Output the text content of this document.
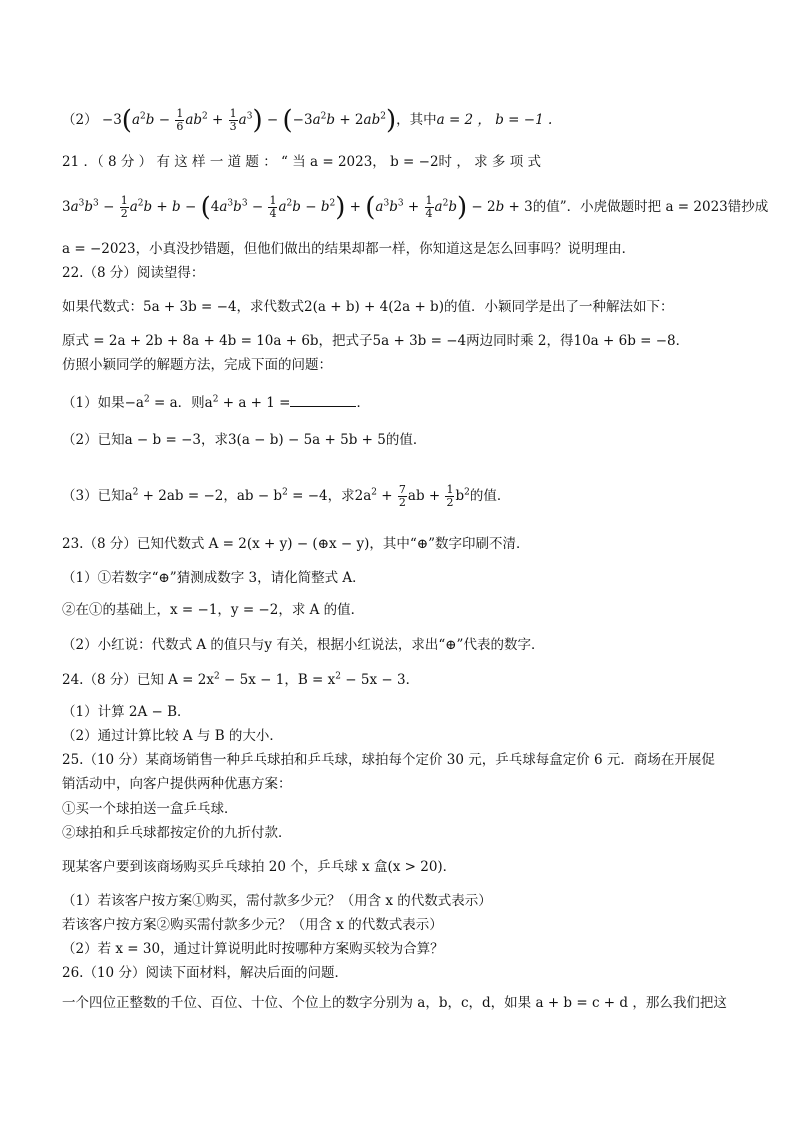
$(2) -3(a^2b - \frac{1}{6} ab^2 + \frac{1}{3} a^3) - (-3a^2b + 2ab^2)$，其中a = 2 ， b = −1 .
21 ．（ 8 分 ） 有 这 样 一 道 题 ： “ 当 a = 2023， b = −2时 ， 求 多 项 式
$3a^3b^3 - \frac{1}{2} a^2b + b - (4a^3b^3 - \frac{1}{4} a^2b - b^2) + (a^3b^3 + \frac{1}{4} a^2b) - 2b + 3$的值”．小虎做题时把 a = 2023错抄成
a = −2023，小真没抄错题，但他们做出的结果却都一样，你知道这是怎么回事吗？说明理由．
22.（8 分）阅读望得：
如果代数式：5a + 3b = −4，求代数式2(a + b) + 4(2a + b)的值．小颖同学是出了一种解法如下：
原式 = 2a + 2b + 8a + 4b = 10a + 6b，把式子5a + 3b = −4两边同时乘 2，得10a + 6b = −8．
仿照小颖同学的解题方法，完成下面的问题：
（1）如果$-a^2 = a$．则$a^2 + a + 1$ =	．
（2）已知a − b = −3，求3(a − b) − 5a + 5b + 5的值．
（3）已知$a^2 + 2ab = -2$，ab − $b^2 = -4$，求$2a^2 + \frac{7}{2}$ ab + $\frac{1}{2} b^2$的值．
23.（8 分）已知代数式 A = 2(x + y) − (⊕x − y)，其中“⊕”数字印刷不清．
（1）①若数字“⊕”猜测成数字 3，请化简整式 A．
②在①的基础上，x = −1，y = −2，求 A 的值．
（2）小红说：代数式 A 的值只与y 有关，根据小红说法，求出“⊕”代表的数字．
24.（8 分）已知 $A = 2x^2 - 5x - 1$，$B = x^2 - 5x - 3$．
（1）计算 2A − B．
（2）通过计算比较 A 与 B 的大小．
25.（10 分）某商场销售一种乒乓球拍和乒乓球，球拍每个定价 30 元，乒乓球每盒定价 6 元．商场在开展促
销活动中，向客户提供两种优惠方案：
①买一个球拍送一盒乒乓球．
②球拍和乒乓球都按定价的九折付款．
现某客户要到该商场购买乒乓球拍 20 个，乒乓球 x 盒(x > 20)．
（1）若该客户按方案①购买，需付款多少元？（用含 x 的代数式表示）
若该客户按方案②购买需付款多少元？（用含 x 的代数式表示）
（2）若 x = 30，通过计算说明此时按哪种方案购买较为合算？
26.（10 分）阅读下面材料，解决后面的问题．
一个四位正整数的千位、百位、十位、个位上的数字分别为 a，b，c，d，如果 a + b = c + d ，那么我们把这
